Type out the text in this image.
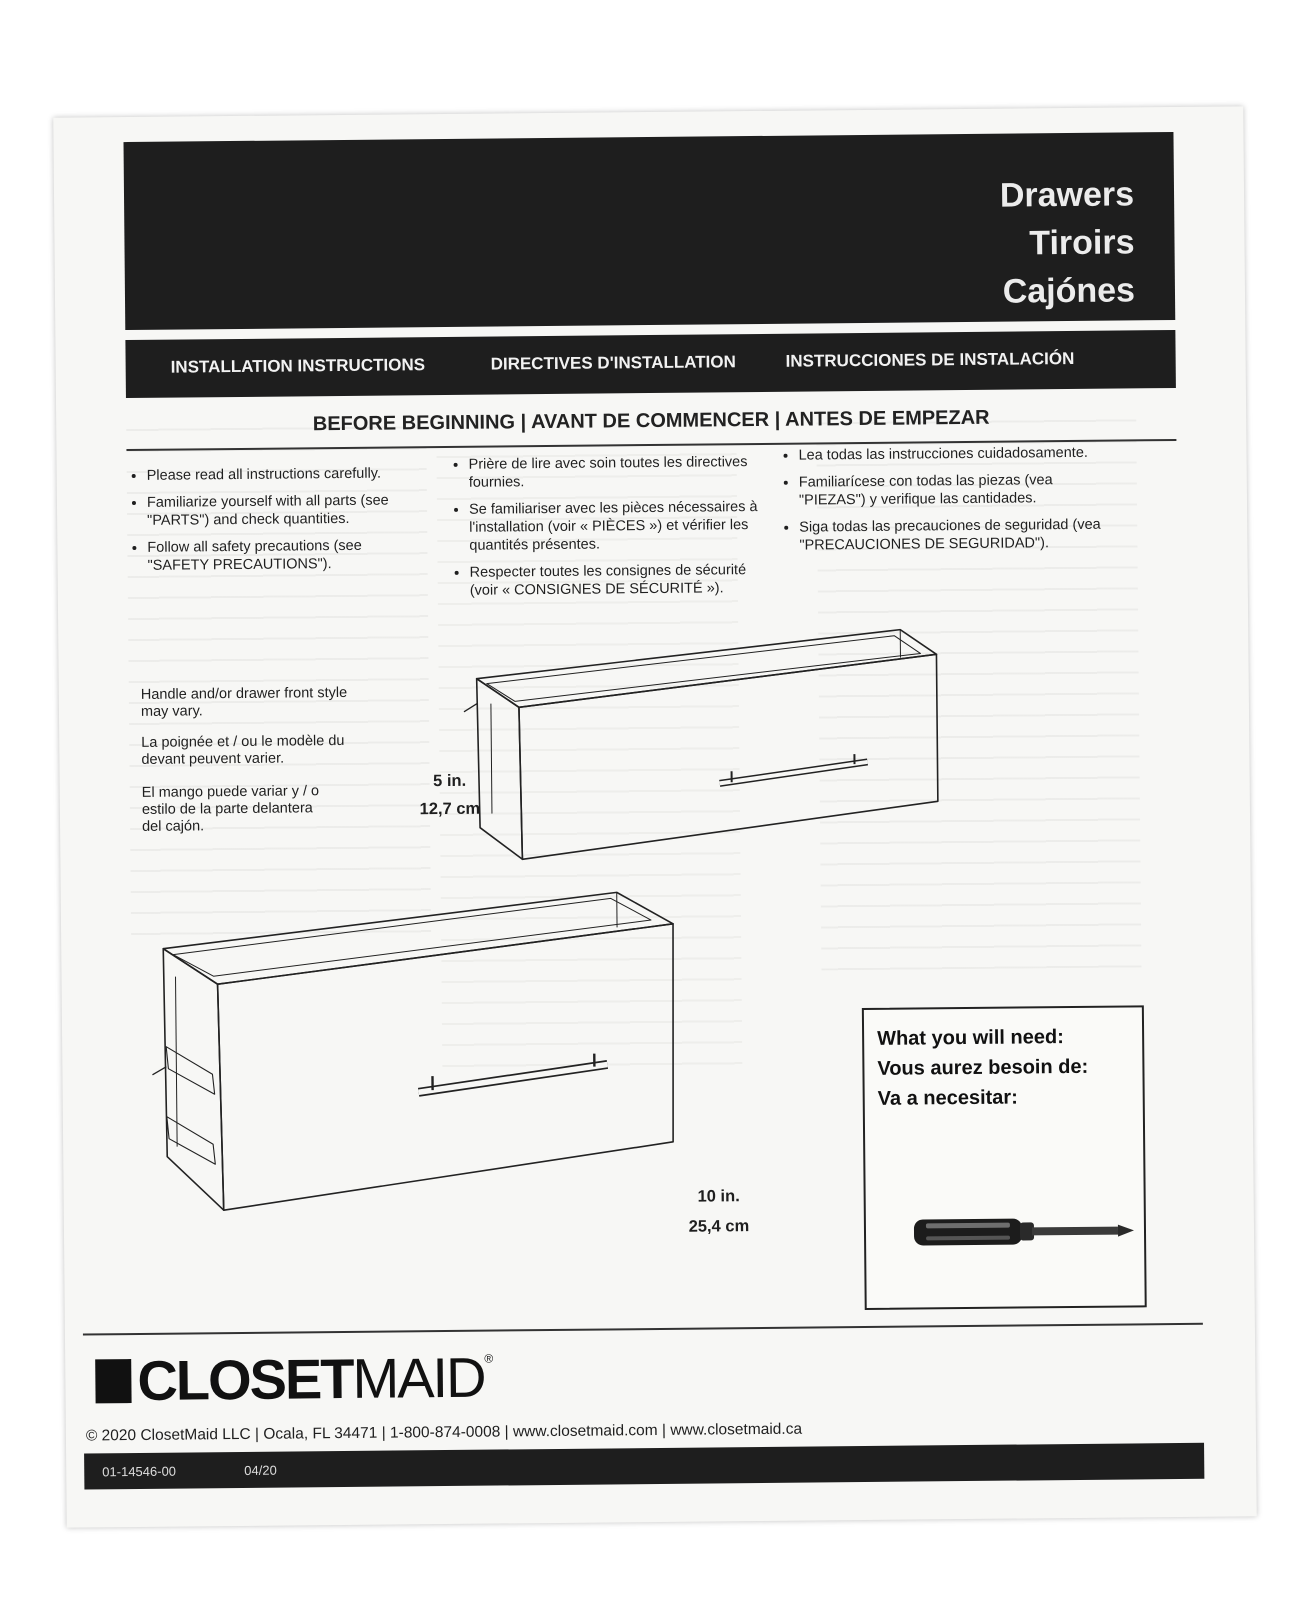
Drawers
Tiroirs
Cajónes
INSTALLATION INSTRUCTIONS	DIRECTIVES D'INSTALLATION	INSTRUCCIONES DE INSTALACIÓN
BEFORE BEGINNING | AVANT DE COMMENCER | ANTES DE EMPEZAR
• Please read all instructions carefully.
• Familiarize yourself with all parts (see "PARTS") and check quantities.
• Follow all safety precautions (see "SAFETY PRECAUTIONS").
• Prière de lire avec soin toutes les directives fournies.
• Se familiariser avec les pièces nécessaires à l'installation (voir « PIÈCES ») et vérifier les quantités présentes.
• Respecter toutes les consignes de sécurité (voir « CONSIGNES DE SÉCURITÉ »).
• Lea todas las instrucciones cuidadosamente.
• Familiarícese con todas las piezas (vea "PIEZAS") y verifique las cantidades.
• Siga todas las precauciones de seguridad (vea "PRECAUCIONES DE SEGURIDAD").
Handle and/or drawer front style may vary.
La poignée et / ou le modèle du devant peuvent varier.
El mango puede variar y / o estilo de la parte delantera del cajón.
5 in.
12,7 cm
10 in.
25,4 cm
What you will need:
Vous aurez besoin de:
Va a necesitar:
CLOSET MAID ®
© 2020 ClosetMaid LLC | Ocala, FL 34471 | 1-800-874-0008 | www.closetmaid.com | www.closetmaid.ca
01-14546-00	04/20
